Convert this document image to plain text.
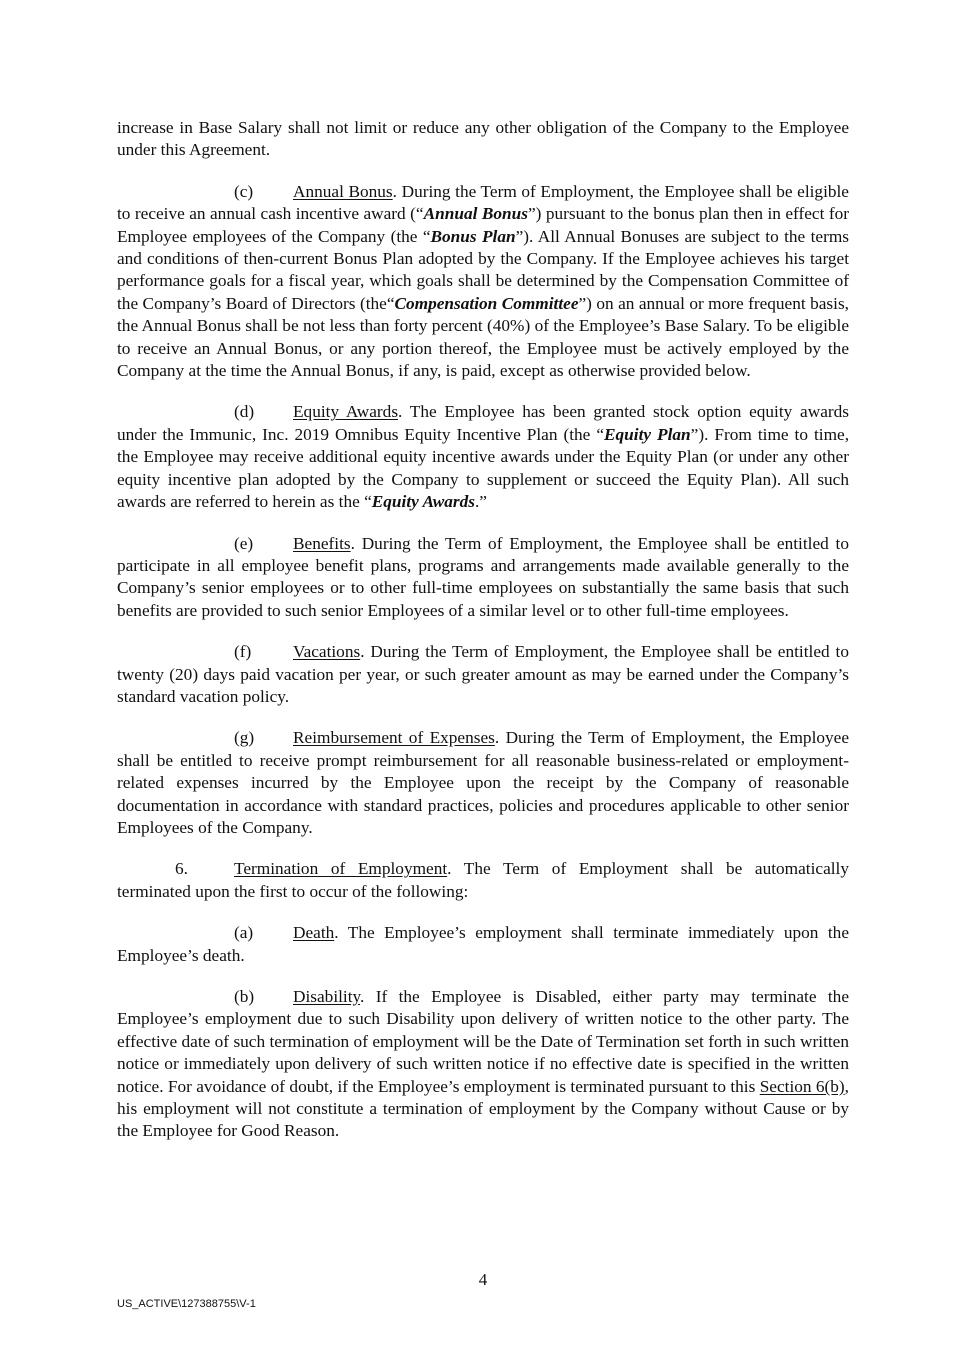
increase in Base Salary shall not limit or reduce any other obligation of the Company to the Employee under this Agreement.

(c) Annual Bonus. During the Term of Employment, the Employee shall be eligible to receive an annual cash incentive award (“Annual Bonus”) pursuant to the bonus plan then in effect for Employee employees of the Company (the “Bonus Plan”). All Annual Bonuses are subject to the terms and conditions of then-current Bonus Plan adopted by the Company. If the Employee achieves his target performance goals for a fiscal year, which goals shall be determined by the Compensation Committee of the Company’s Board of Directors (the“Compensation Committee”) on an annual or more frequent basis, the Annual Bonus shall be not less than forty percent (40%) of the Employee’s Base Salary. To be eligible to receive an Annual Bonus, or any portion thereof, the Employee must be actively employed by the Company at the time the Annual Bonus, if any, is paid, except as otherwise provided below.

(d) Equity Awards. The Employee has been granted stock option equity awards under the Immunic, Inc. 2019 Omnibus Equity Incentive Plan (the “Equity Plan”). From time to time, the Employee may receive additional equity incentive awards under the Equity Plan (or under any other equity incentive plan adopted by the Company to supplement or succeed the Equity Plan). All such awards are referred to herein as the “Equity Awards.”

(e) Benefits. During the Term of Employment, the Employee shall be entitled to participate in all employee benefit plans, programs and arrangements made available generally to the Company’s senior employees or to other full-time employees on substantially the same basis that such benefits are provided to such senior Employees of a similar level or to other full-time employees.

(f) Vacations. During the Term of Employment, the Employee shall be entitled to twenty (20) days paid vacation per year, or such greater amount as may be earned under the Company’s standard vacation policy.

(g) Reimbursement of Expenses. During the Term of Employment, the Employee shall be entitled to receive prompt reimbursement for all reasonable business-related or employment-related expenses incurred by the Employee upon the receipt by the Company of reasonable documentation in accordance with standard practices, policies and procedures applicable to other senior Employees of the Company.

6.	Termination of Employment. The Term of Employment shall be automatically terminated upon the first to occur of the following:

(a) Death. The Employee’s employment shall terminate immediately upon the Employee’s death.

(b) Disability. If the Employee is Disabled, either party may terminate the Employee’s employment due to such Disability upon delivery of written notice to the other party. The effective date of such termination of employment will be the Date of Termination set forth in such written notice or immediately upon delivery of such written notice if no effective date is specified in the written notice. For avoidance of doubt, if the Employee’s employment is terminated pursuant to this Section 6(b), his employment will not constitute a termination of employment by the Company without Cause or by the Employee for Good Reason.

4
US_ACTIVE\127388755\V-1
